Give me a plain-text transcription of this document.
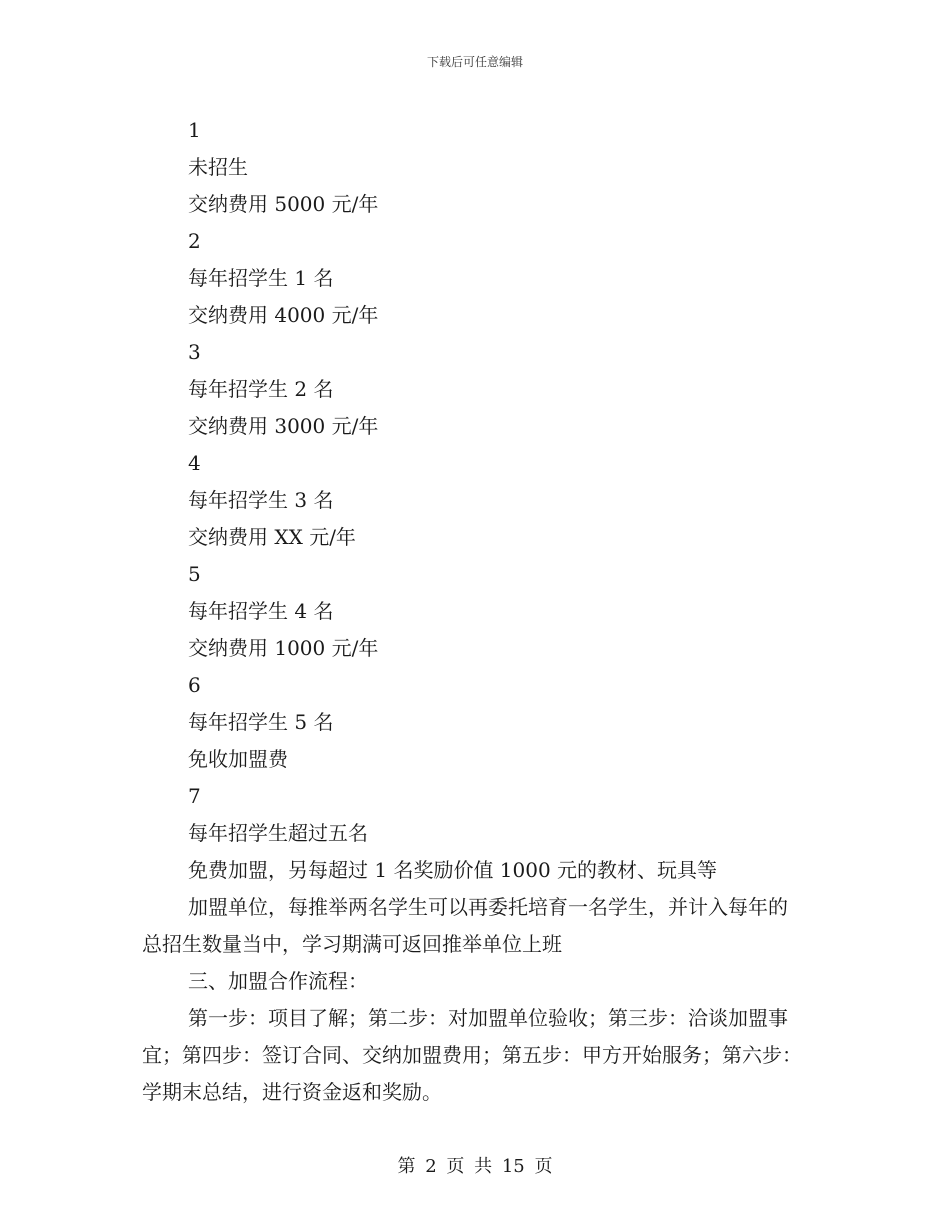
下载后可任意编辑

1

未招生

交纳费用 5000 元/年

2

每年招学生 1 名

交纳费用 4000 元/年

3

每年招学生 2 名

交纳费用 3000 元/年

4

每年招学生 3 名

交纳费用 XX 元/年

5

每年招学生 4 名

交纳费用 1000 元/年

6

每年招学生 5 名

免收加盟费

7

每年招学生超过五名

免费加盟，另每超过 1 名奖励价值 1000 元的教材、玩具等

加盟单位，每推举两名学生可以再委托培育一名学生，并计入每年的总招生数量当中，学习期满可返回推举单位上班

三、加盟合作流程：

第一步：项目了解；第二步：对加盟单位验收；第三步：洽谈加盟事宜；第四步：签订合同、交纳加盟费用；第五步：甲方开始服务；第六步：学期末总结，进行资金返和奖励。

第 2 页 共 15 页
